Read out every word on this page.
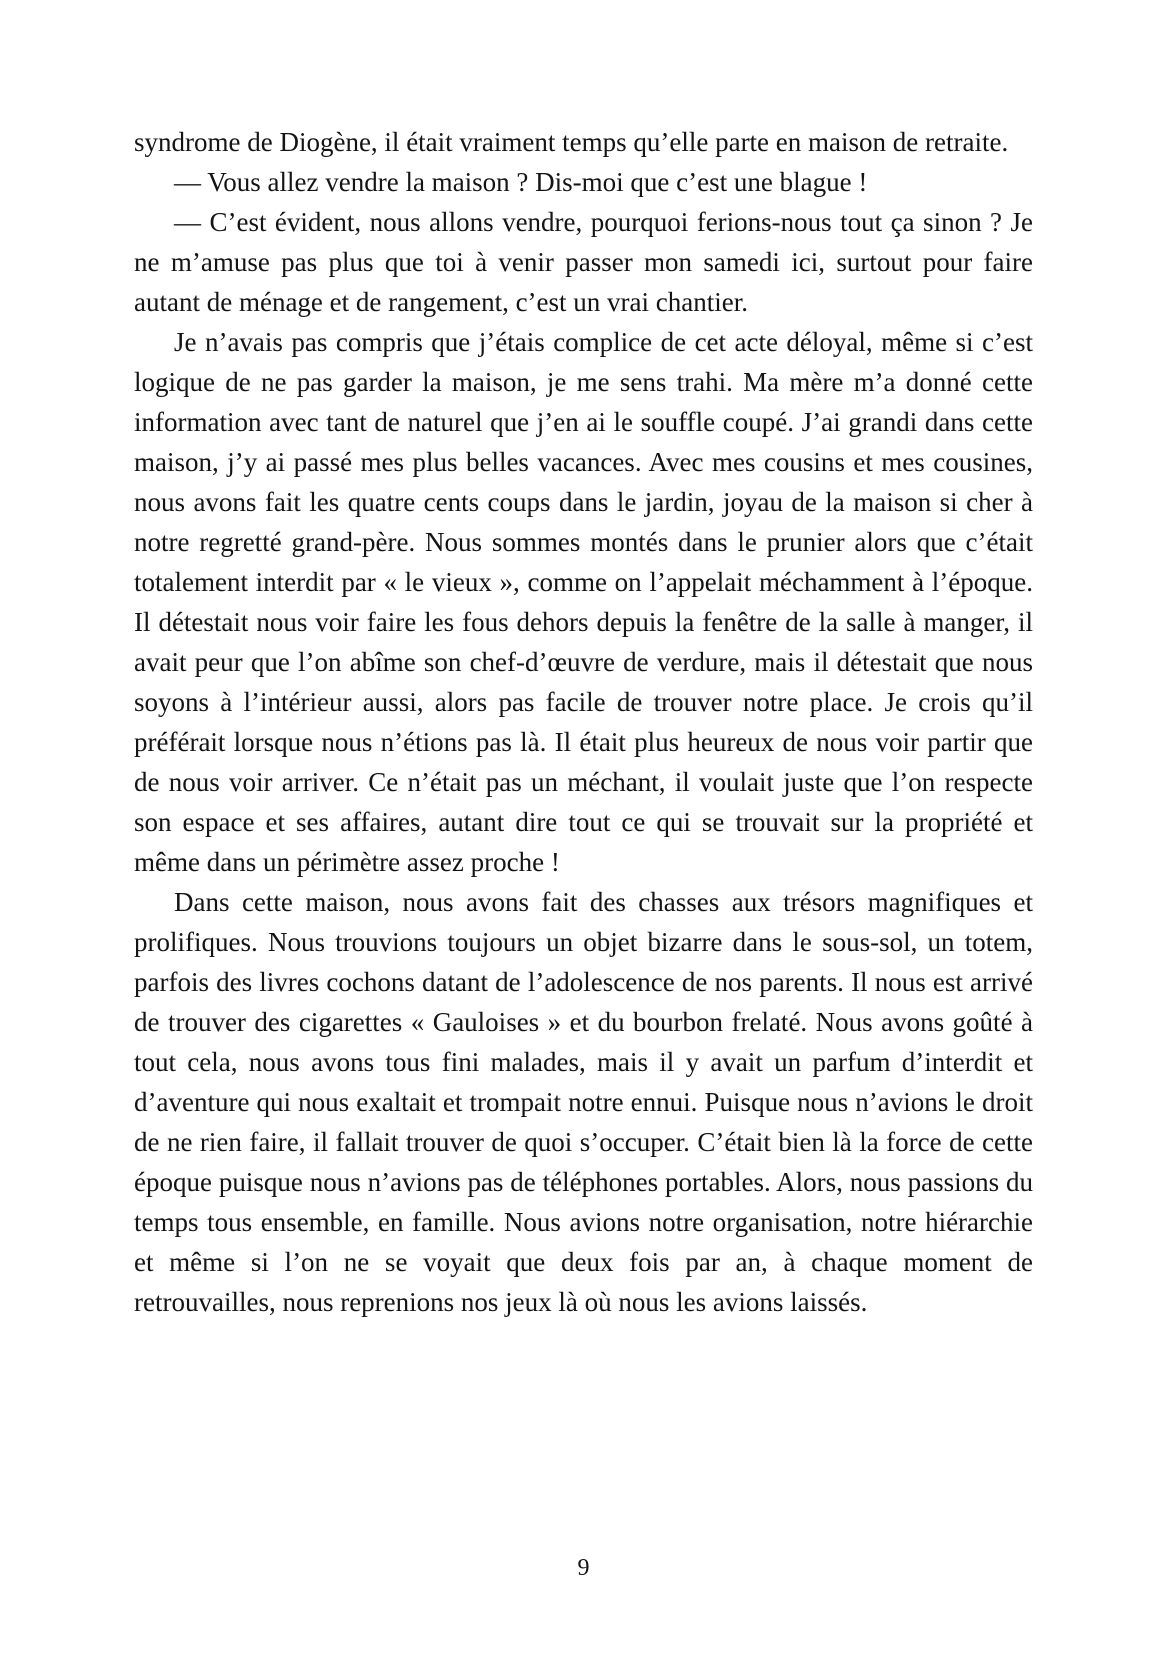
syndrome de Diogène, il était vraiment temps qu’elle parte en maison de retraite.

— Vous allez vendre la maison ? Dis-moi que c’est une blague !

— C’est évident, nous allons vendre, pourquoi ferions-nous tout ça sinon ? Je ne m’amuse pas plus que toi à venir passer mon samedi ici, surtout pour faire autant de ménage et de rangement, c’est un vrai chantier.

Je n’avais pas compris que j’étais complice de cet acte déloyal, même si c’est logique de ne pas garder la maison, je me sens trahi. Ma mère m’a donné cette information avec tant de naturel que j’en ai le souffle coupé. J’ai grandi dans cette maison, j’y ai passé mes plus belles vacances. Avec mes cousins et mes cousines, nous avons fait les quatre cents coups dans le jardin, joyau de la maison si cher à notre regretté grand-père. Nous sommes montés dans le prunier alors que c’était totalement interdit par « le vieux », comme on l’appelait méchamment à l’époque. Il détestait nous voir faire les fous dehors depuis la fenêtre de la salle à manger, il avait peur que l’on abîme son chef-d’œuvre de verdure, mais il détestait que nous soyons à l’intérieur aussi, alors pas facile de trouver notre place. Je crois qu’il préférait lorsque nous n’étions pas là. Il était plus heureux de nous voir partir que de nous voir arriver. Ce n’était pas un méchant, il voulait juste que l’on respecte son espace et ses affaires, autant dire tout ce qui se trouvait sur la propriété et même dans un périmètre assez proche !

Dans cette maison, nous avons fait des chasses aux trésors magnifiques et prolifiques. Nous trouvions toujours un objet bizarre dans le sous-sol, un totem, parfois des livres cochons datant de l’adolescence de nos parents. Il nous est arrivé de trouver des cigarettes « Gauloises » et du bourbon frelaté. Nous avons goûté à tout cela, nous avons tous fini malades, mais il y avait un parfum d’interdit et d’aventure qui nous exaltait et trompait notre ennui. Puisque nous n’avions le droit de ne rien faire, il fallait trouver de quoi s’occuper. C’était bien là la force de cette époque puisque nous n’avions pas de téléphones portables. Alors, nous passions du temps tous ensemble, en famille. Nous avions notre organisation, notre hiérarchie et même si l’on ne se voyait que deux fois par an, à chaque moment de retrouvailles, nous reprenions nos jeux là où nous les avions laissés.

9
